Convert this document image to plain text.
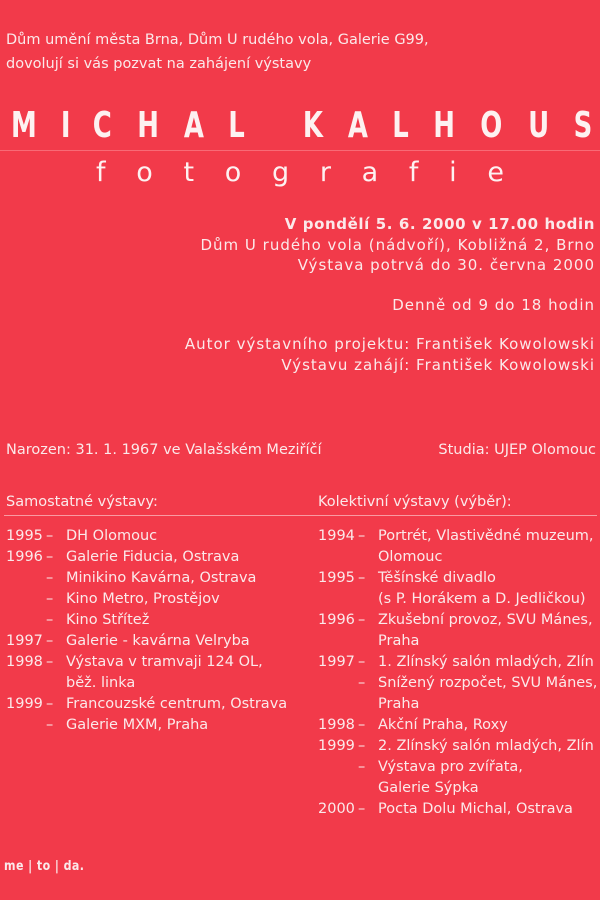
Dům umění města Brna, Dům U rudého vola, Galerie G99,
dovolují si vás pozvat na zahájení výstavy
M I C H A L K A L H O U S
f o t o g r a f i e
V pondělí 5. 6. 2000 v 17.00 hodin
Dům U rudého vola (nádvoří), Kobližná 2, Brno
Výstava potrvá do 30. června 2000
Denně od 9 do 18 hodin
Autor výstavního projektu: František Kowolowski
Výstavu zahájí: František Kowolowski
Narozen: 31. 1. 1967 ve Valašském Meziříčí	Studia: UJEP Olomouc
Samostatné výstavy:	Kolektivní výstavy (výběr):
1995 – DH Olomouc
1996 – Galerie Fiducia, Ostrava
– Minikino Kavárna, Ostrava
– Kino Metro, Prostějov
– Kino Střítež
1997 – Galerie - kavárna Velryba
1998 – Výstava v tramvaji 124 OL,
běž. linka
1999 – Francouzské centrum, Ostrava
– Galerie MXM, Praha
1994 – Portrét, Vlastivědné muzeum,
Olomouc
1995 – Těšínské divadlo
(s P. Horákem a D. Jedličkou)
1996 – Zkušební provoz, SVU Mánes,
Praha
1997 – 1. Zlínský salón mladých, Zlín
– Snížený rozpočet, SVU Mánes,
Praha
1998 – Akční Praha, Roxy
1999 – 2. Zlínský salón mladých, Zlín
– Výstava pro zvířata,
Galerie Sýpka
2000 – Pocta Dolu Michal, Ostrava
me | to | da.
